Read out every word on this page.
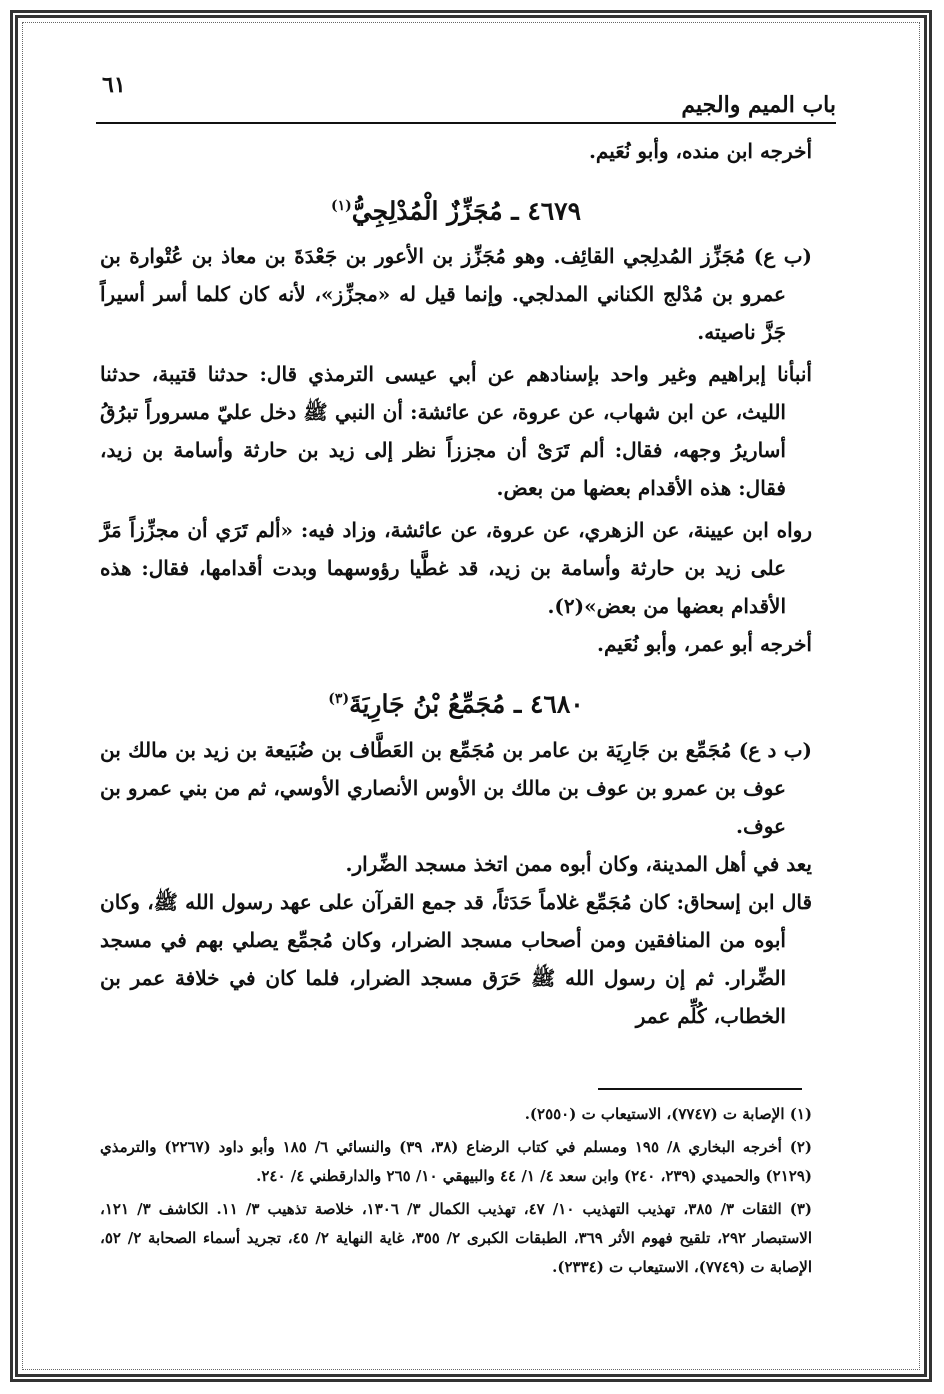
٦١
باب الميم والجيم

أخرجه ابن منده، وأبو نُعَيم.

٤٦٧٩ ـ مُجَزِّزٌ الْمُدْلِجِيُّ$^{(١)}$

(ب ع) مُجَزِّز المُدلِجي القائِف. وهو مُجَزِّز بن الأعور بن جَعْدَةَ بن معاذ بن عُتْوارة بن عمرو بن مُدْلج الكناني المدلجي. وإنما قيل له «مجزِّز»، لأنه كان كلما أسر أسيراً جَزَّ ناصيته.

أنبأنا إبراهيم وغير واحد بإسنادهم عن أبي عيسى الترمذي قال: حدثنا قتيبة، حدثنا الليث، عن ابن شهاب، عن عروة، عن عائشة: أن النبي ﷺ دخل عليّ مسروراً تبرُقُ أساريرُ وجهه، فقال: ألم تَرَىْ أن مجززاً نظر إلى زيد بن حارثة وأسامة بن زيد، فقال: هذه الأقدام بعضها من بعض.

رواه ابن عيينة، عن الزهري، عن عروة، عن عائشة، وزاد فيه: «ألم تَرَي أن مجزِّزاً مَرَّ على زيد بن حارثة وأسامة بن زيد، قد غطَّيا رؤوسهما وبدت أقدامها، فقال: هذه الأقدام بعضها من بعض»(٢).

أخرجه أبو عمر، وأبو نُعَيم.

٤٦٨٠ ـ مُجَمِّعُ بْنُ جَارِيَةَ$^{(٣)}$

(ب د ع) مُجَمِّع بن جَارِيَة بن عامر بن مُجَمِّع بن العَطَّاف بن ضُبَيعة بن زيد بن مالك بن عوف بن عمرو بن عوف بن مالك بن الأوس الأنصاري الأوسي، ثم من بني عمرو بن عوف.

يعد في أهل المدينة، وكان أبوه ممن اتخذ مسجد الضِّرار.

قال ابن إسحاق: كان مُجَمِّع غلاماً حَدَثاً، قد جمع القرآن على عهد رسول الله ﷺ، وكان أبوه من المنافقين ومن أصحاب مسجد الضرار، وكان مُجمِّع يصلي بهم في مسجد الضِّرار. ثم إن رسول الله ﷺ حَرَق مسجد الضرار، فلما كان في خلافة عمر بن الخطاب، كُلِّم عمر

(١) الإصابة ت (٧٧٤٧)، الاستيعاب ت (٢٥٥٠).

(٢) أخرجه البخاري ٨/ ١٩٥ ومسلم في كتاب الرضاع (٣٨، ٣٩) والنسائي ٦/ ١٨٥ وأبو داود (٢٢٦٧) والترمذي (٢١٢٩) والحميدي (٢٣٩، ٢٤٠) وابن سعد ٤/ ١/ ٤٤ والبيهقي ١٠/ ٢٦٥ والدارقطني ٤/ ٢٤٠.

(٣) الثقات ٣/ ٣٨٥، تهذيب التهذيب ١٠/ ٤٧، تهذيب الكمال ٣/ ١٣٠٦، خلاصة تذهيب ٣/ ١١. الكاشف ٣/ ١٢١، الاستبصار ٢٩٢، تلقيح فهوم الأثر ٣٦٩، الطبقات الكبرى ٢/ ٣٥٥، غاية النهاية ٢/ ٤٥، تجريد أسماء الصحابة ٢/ ٥٢، الإصابة ت (٧٧٤٩)، الاستيعاب ت (٢٣٣٤).
